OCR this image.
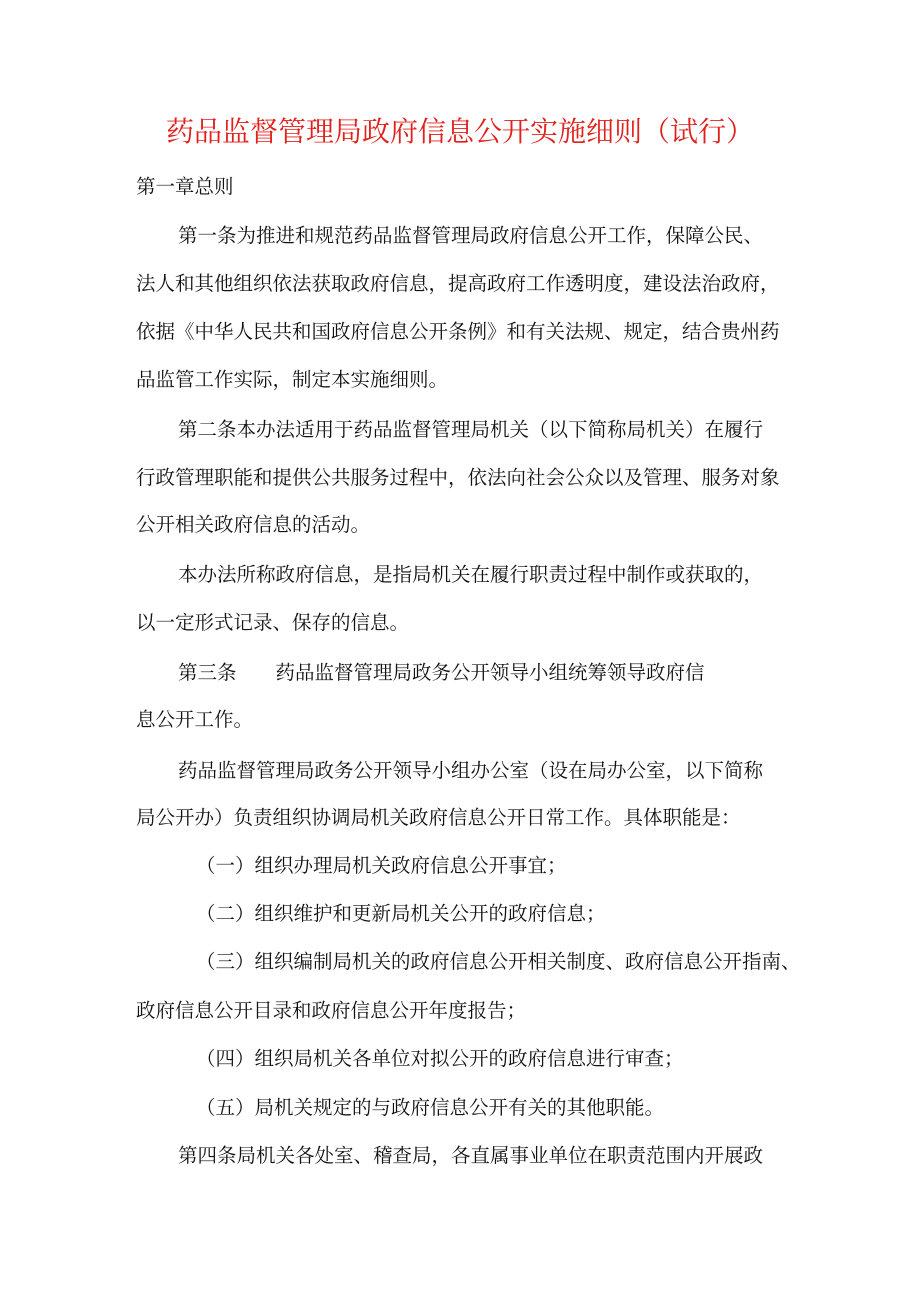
药品监督管理局政府信息公开实施细则（试行）
第一章总则
第一条为推进和规范药品监督管理局政府信息公开工作，保障公民、
法人和其他组织依法获取政府信息，提高政府工作透明度，建设法治政府，
依据《中华人民共和国政府信息公开条例》和有关法规、规定，结合贵州药
品监管工作实际，制定本实施细则。
第二条本办法适用于药品监督管理局机关（以下简称局机关）在履行
行政管理职能和提供公共服务过程中，依法向社会公众以及管理、服务对象
公开相关政府信息的活动。
本办法所称政府信息，是指局机关在履行职责过程中制作或获取的，
以一定形式记录、保存的信息。
第三条　　药品监督管理局政务公开领导小组统筹领导政府信
息公开工作。
药品监督管理局政务公开领导小组办公室（设在局办公室，以下简称
局公开办）负责组织协调局机关政府信息公开日常工作。具体职能是：
（一）组织办理局机关政府信息公开事宜；
（二）组织维护和更新局机关公开的政府信息；
（三）组织编制局机关的政府信息公开相关制度、政府信息公开指南、
政府信息公开目录和政府信息公开年度报告；
（四）组织局机关各单位对拟公开的政府信息进行审查；
（五）局机关规定的与政府信息公开有关的其他职能。
第四条局机关各处室、稽查局，各直属事业单位在职责范围内开展政
